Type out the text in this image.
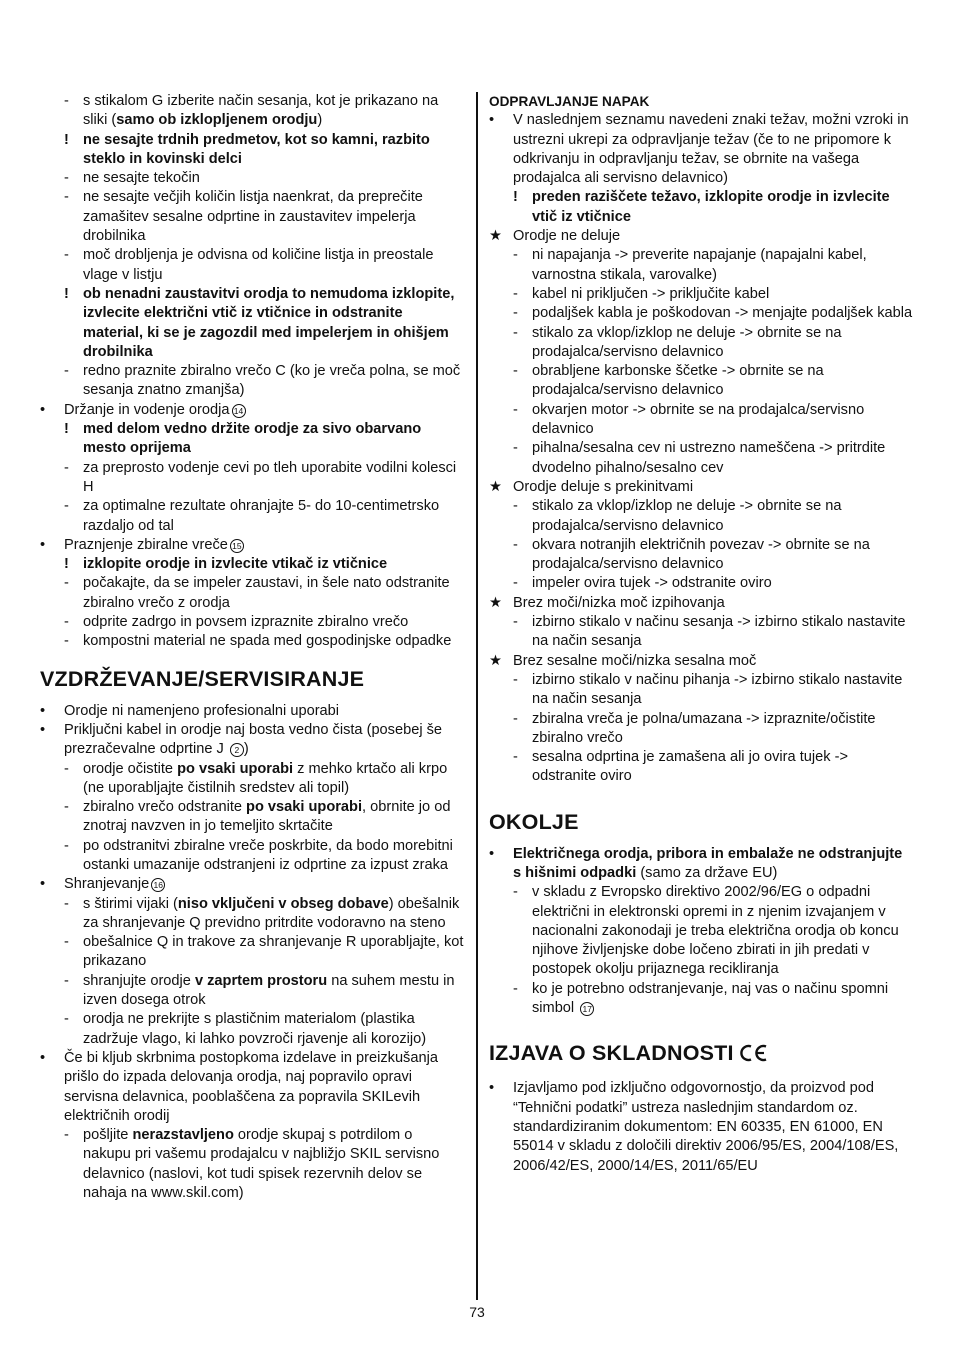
- s stikalom G izberite način sesanja, kot je prikazano na sliki (samo ob izklopljenem orodju)
! ne sesajte trdnih predmetov, kot so kamni, razbito steklo in kovinski delci
- ne sesajte tekočin
- ne sesajte večjih količin listja naenkrat, da preprečite zamašitev sesalne odprtine in zaustavitev impelerja drobilnika
- moč drobljenja je odvisna od količine listja in preostale vlage v listju
! ob nenadni zaustavitvi orodja to nemudoma izklopite, izvlecite električni vtič iz vtičnice in odstranite material, ki se je zagozdil med impelerjem in ohišjem drobilnika
- redno praznite zbiralno vrečo C (ko je vreča polna, se moč sesanja znatno zmanjša)
•	Držanje in vodenje orodja 14
! med delom vedno držite orodje za sivo obarvano mesto oprijema
- za preprosto vodenje cevi po tleh uporabite vodilni kolesci H
- za optimalne rezultate ohranjajte 5- do 10-centimetrsko razdaljo od tal
•	Praznjenje zbiralne vreče 15
! izklopite orodje in izvlecite vtikač iz vtičnice
- počakajte, da se impeler zaustavi, in šele nato odstranite zbiralno vrečo z orodja
- odprite zadrgo in povsem izpraznite zbiralno vrečo
- kompostni material ne spada med gospodinjske odpadke
VZDRŽEVANJE/SERVISIRANJE
•	Orodje ni namenjeno profesionalni uporabi
•	Priključni kabel in orodje naj bosta vedno čista (posebej še prezračevalne odprtine J 2 )
- orodje očistite po vsaki uporabi z mehko krtačo ali krpo (ne uporabljajte čistilnih sredstev ali topil)
- zbiralno vrečo odstranite po vsaki uporabi, obrnite jo od znotraj navzven in jo temeljito skrtačite
- po odstranitvi zbiralne vreče poskrbite, da bodo morebitni ostanki umazanije odstranjeni iz odprtine za izpust zraka
•	Shranjevanje 16
- s štirimi vijaki (niso vključeni v obseg dobave) obešalnik za shranjevanje Q previdno pritrdite vodoravno na steno
- obešalnice Q in trakove za shranjevanje R uporabljajte, kot prikazano
- shranjujte orodje v zaprtem prostoru na suhem mestu in izven dosega otrok
- orodja ne prekrijte s plastičnim materialom (plastika zadržuje vlago, ki lahko povzroči rjavenje ali korozijo)
•	Če bi kljub skrbnima postopkoma izdelave in preizkušanja prišlo do izpada delovanja orodja, naj popravilo opravi servisna delavnica, pooblaščena za popravila SKILevih električnih orodij
- pošljite nerazstavljeno orodje skupaj s potrdilom o nakupu pri vašemu prodajalcu v najbližjo SKIL servisno delavnico (naslovi, kot tudi spisek rezervnih delov se nahaja na www.skil.com)
ODPRAVLJANJE NAPAK
•	V naslednjem seznamu navedeni znaki težav, možni vzroki in ustrezni ukrepi za odpravljanje težav (če to ne pripomore k odkrivanju in odpravljanju težav, se obrnite na vašega prodajalca ali servisno delavnico)
! preden raziščete težavo, izklopite orodje in izvlecite vtič iz vtičnice
★ Orodje ne deluje
- ni napajanja -> preverite napajanje (napajalni kabel, varnostna stikala, varovalke)
- kabel ni priključen -> priključite kabel
- podaljšek kabla je poškodovan -> menjajte podaljšek kabla
- stikalo za vklop/izklop ne deluje -> obrnite se na prodajalca/servisno delavnico
- obrabljene karbonske ščetke -> obrnite se na prodajalca/servisno delavnico
- okvarjen motor -> obrnite se na prodajalca/servisno delavnico
- pihalna/sesalna cev ni ustrezno nameščena -> pritrdite dvodelno pihalno/sesalno cev
★ Orodje deluje s prekinitvami
- stikalo za vklop/izklop ne deluje -> obrnite se na prodajalca/servisno delavnico
- okvara notranjih električnih povezav -> obrnite se na prodajalca/servisno delavnico
- impeler ovira tujek -> odstranite oviro
★ Brez moči/nizka moč izpihovanja
- izbirno stikalo v načinu sesanja -> izbirno stikalo nastavite na način sesanja
★ Brez sesalne moči/nizka sesalna moč
- izbirno stikalo v načinu pihanja -> izbirno stikalo nastavite na način sesanja
- zbiralna vreča je polna/umazana -> izpraznite/očistite zbiralno vrečo
- sesalna odprtina je zamašena ali jo ovira tujek -> odstranite oviro
OKOLJE
•	Električnega orodja, pribora in embalaže ne odstranjujte s hišnimi odpadki (samo za države EU)
- v skladu z Evropsko direktivo 2002/96/EG o odpadni električni in elektronski opremi in z njenim izvajanjem v nacionalni zakonodaji je treba električna orodja ob koncu njihove življenjske dobe ločeno zbirati in jih predati v postopek okolju prijaznega recikliranja
- ko je potrebno odstranjevanje, naj vas o načinu spomni simbol 17
IZJAVA O SKLADNOSTI
•	Izjavljamo pod izključno odgovornostjo, da proizvod pod “Tehnični podatki” ustreza naslednjim standardom oz. standardiziranim dokumentom: EN 60335, EN 61000, EN 55014 v skladu z določili direktiv 2006/95/ES, 2004/108/ES, 2006/42/ES, 2000/14/ES, 2011/65/EU
73
